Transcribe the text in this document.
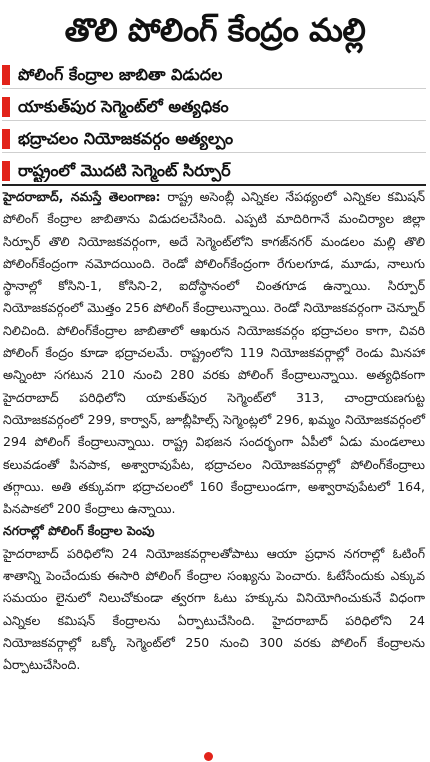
తొలి పోలింగ్ కేంద్రం మల్లి
పోలింగ్ కేంద్రాల జాబితా విడుదల
యాకుత్‌పుర సెగ్మెంట్‌లో అత్యధికం
భద్రాచలం నియోజకవర్గం అత్యల్పం
రాష్ట్రంలో మొదటి సెగ్మెంట్ సిర్పూర్

హైదరాబాద్, నమస్తే తెలంగాణ: రాష్ట్ర అసెంబ్లీ ఎన్నికల నేపథ్యంలో ఎన్నికల కమిషన్ పోలింగ్ కేంద్రాల జాబితాను విడుదలచేసింది. ఎప్పటి మాదిరిగానే మంచిర్యాల జిల్లా సిర్పూర్ తొలి నియోజకవర్గంగా, అదే సెగ్మెంట్‌లోని కాగజ్‌నగర్ మండలం మల్లి తొలి పోలింగ్‌కేంద్రంగా నమోదయింది. రెండో పోలింగ్‌కేంద్రంగా రేగులగూడ, మూడు, నాలుగు స్థానాల్లో కోసిని-1, కోసిని-2, ఐదోస్థానంలో చింతగూడ ఉన్నాయి. సిర్పూర్ నియోజకవర్గంలో మొత్తం 256 పోలింగ్ కేంద్రాలున్నాయి. రెండో నియోజకవర్గంగా చెన్నూర్ నిలిచింది. పోలింగ్‌కేంద్రాల జాబితాలో ఆఖరున నియోజకవర్గం భద్రాచలం కాగా, చివరి పోలింగ్ కేంద్రం కూడా భద్రాచలమే. రాష్ట్రంలోని 119 నియోజకవర్గాల్లో రెండు మినహా అన్నింటా సగటున 210 నుంచి 280 వరకు పోలింగ్ కేంద్రాలున్నాయి. అత్యధికంగా హైదరాబాద్ పరిధిలోని యాకుత్‌పుర సెగ్మెంట్‌లో 313, చాంద్రాయణగుట్ట నియోజకవర్గంలో 299, కార్వాన్, జూబ్లీహిల్స్ సెగ్మెంట్లలో 296, ఖమ్మం నియోజకవర్గంలో 294 పోలింగ్ కేంద్రాలున్నాయి. రాష్ట్ర విభజన సందర్భంగా ఏపీలో ఏడు మండలాలు కలువడంతో పినపాక, అశ్వారావుపేట, భద్రాచలం నియోజకవర్గాల్లో పోలింగ్‌కేంద్రాలు తగ్గాయి. అతి తక్కువగా భద్రాచలంలో 160 కేంద్రాలుండగా, అశ్వారావుపేటలో 164, పినపాకలో 200 కేంద్రాలు ఉన్నాయి.

నగరాల్లో పోలింగ్ కేంద్రాల పెంపు

హైదరాబాద్ పరిధిలోని 24 నియోజకవర్గాలతోపాటు ఆయా ప్రధాన నగరాల్లో ఓటింగ్ శాతాన్ని పెంచేందుకు ఈసారి పోలింగ్ కేంద్రాల సంఖ్యను పెంచారు. ఓటేసేందుకు ఎక్కువ సమయం లైనులో నిలుచోకుండా త్వరగా ఓటు హక్కును వినియోగించుకునే విధంగా ఎన్నికల కమిషన్ కేంద్రాలను ఏర్పాటుచేసింది. హైదరాబాద్ పరిధిలోని 24 నియోజకవర్గాల్లో ఒక్కో సెగ్మెంట్‌లో 250 నుంచి 300 వరకు పోలింగ్ కేంద్రాలను ఏర్పాటుచేసింది.
